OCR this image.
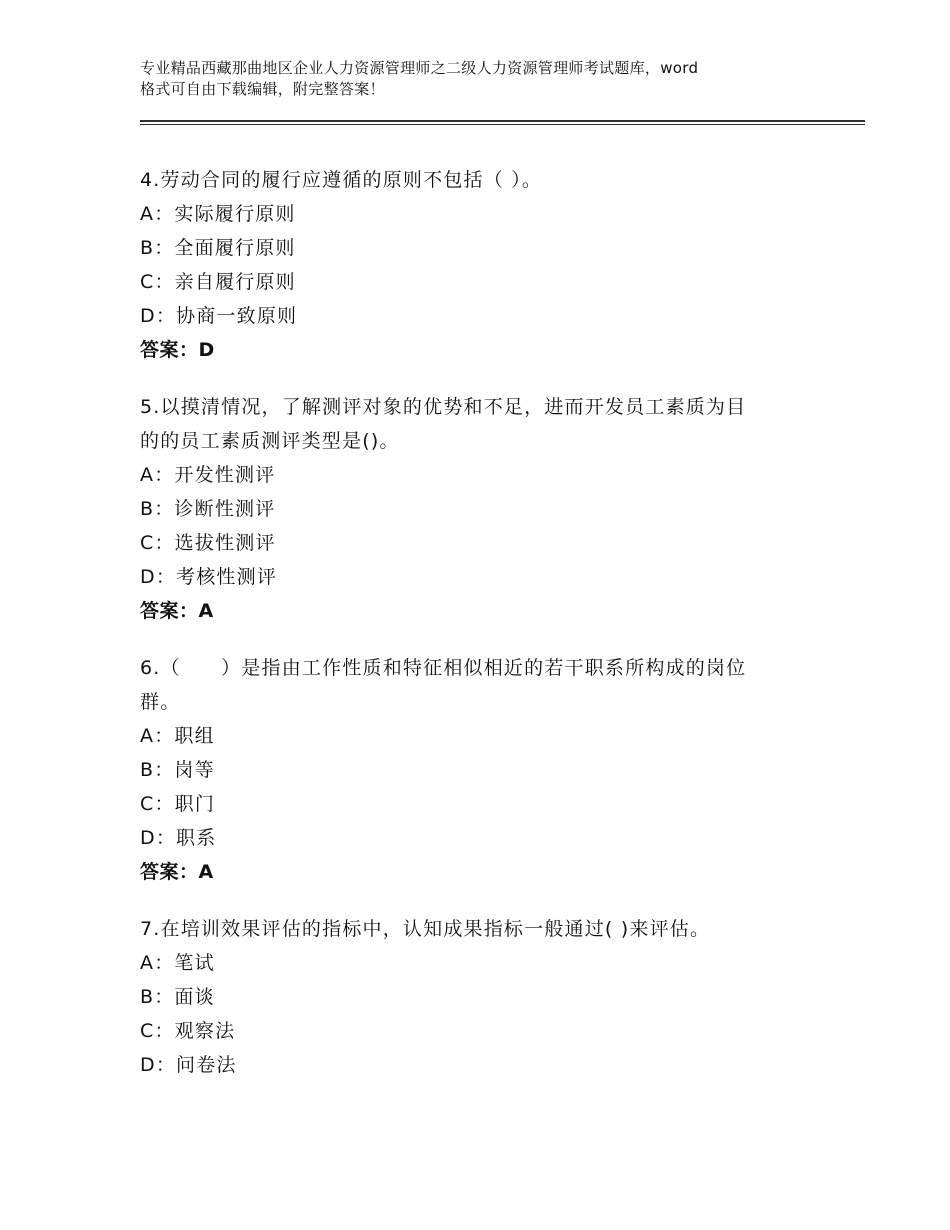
专业精品西藏那曲地区企业人力资源管理师之二级人力资源管理师考试题库，word
格式可自由下载编辑，附完整答案！

4.劳动合同的履行应遵循的原则不包括（ ）。

A：实际履行原则
B：全面履行原则
C：亲自履行原则
D：协商一致原则
答案：D

5.以摸清情况，了解测评对象的优势和不足，进而开发员工素质为目
的的员工素质测评类型是()。

A：开发性测评
B：诊断性测评
C：选拔性测评
D：考核性测评
答案：A

6.（　　）是指由工作性质和特征相似相近的若干职系所构成的岗位
群。

A：职组
B：岗等
C：职门
D：职系
答案：A

7.在培训效果评估的指标中，认知成果指标一般通过( )来评估。

A：笔试
B：面谈
C：观察法
D：问卷法
